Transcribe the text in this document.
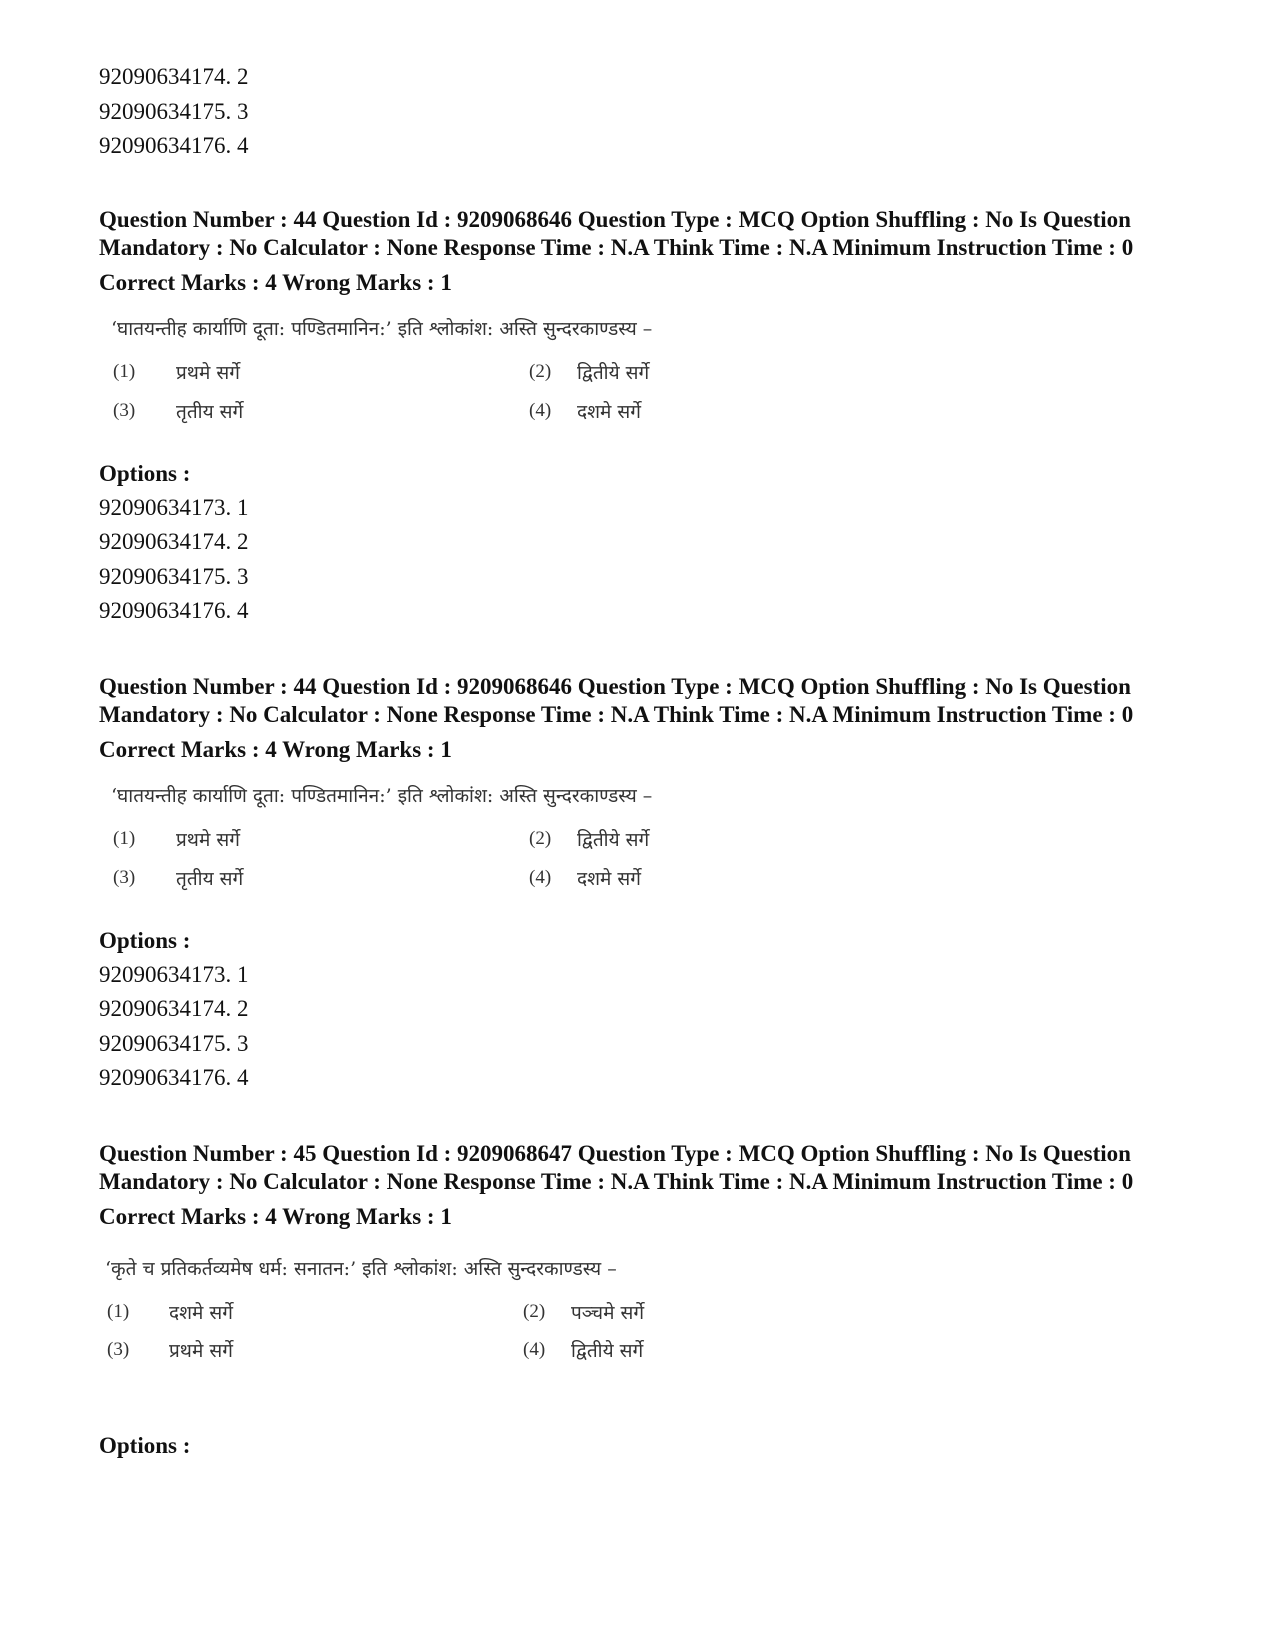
92090634174. 2
92090634175. 3
92090634176. 4
Question Number : 44 Question Id : 9209068646 Question Type : MCQ Option Shuffling : No Is Question Mandatory : No Calculator : None Response Time : N.A Think Time : N.A Minimum Instruction Time : 0
Correct Marks : 4 Wrong Marks : 1
‘घातयन्तीह कार्याणि दूता: पण्डितमानिन:’ इति श्लोकांश: अस्ति सुन्दरकाण्डस्य –
(1) प्रथमे सर्गे	(2) द्वितीये सर्गे
(3) तृतीय सर्गे	(4) दशमे सर्गे
Options :
92090634173. 1
92090634174. 2
92090634175. 3
92090634176. 4
Question Number : 44 Question Id : 9209068646 Question Type : MCQ Option Shuffling : No Is Question Mandatory : No Calculator : None Response Time : N.A Think Time : N.A Minimum Instruction Time : 0
Correct Marks : 4 Wrong Marks : 1
‘घातयन्तीह कार्याणि दूता: पण्डितमानिन:’ इति श्लोकांश: अस्ति सुन्दरकाण्डस्य –
(1) प्रथमे सर्गे	(2) द्वितीये सर्गे
(3) तृतीय सर्गे	(4) दशमे सर्गे
Options :
92090634173. 1
92090634174. 2
92090634175. 3
92090634176. 4
Question Number : 45 Question Id : 9209068647 Question Type : MCQ Option Shuffling : No Is Question Mandatory : No Calculator : None Response Time : N.A Think Time : N.A Minimum Instruction Time : 0
Correct Marks : 4 Wrong Marks : 1
‘कृते च प्रतिकर्तव्यमेष धर्म: सनातन:’ इति श्लोकांश: अस्ति सुन्दरकाण्डस्य –
(1) दशमे सर्गे	(2) पञ्चमे सर्गे
(3) प्रथमे सर्गे	(4) द्वितीये सर्गे
Options :
